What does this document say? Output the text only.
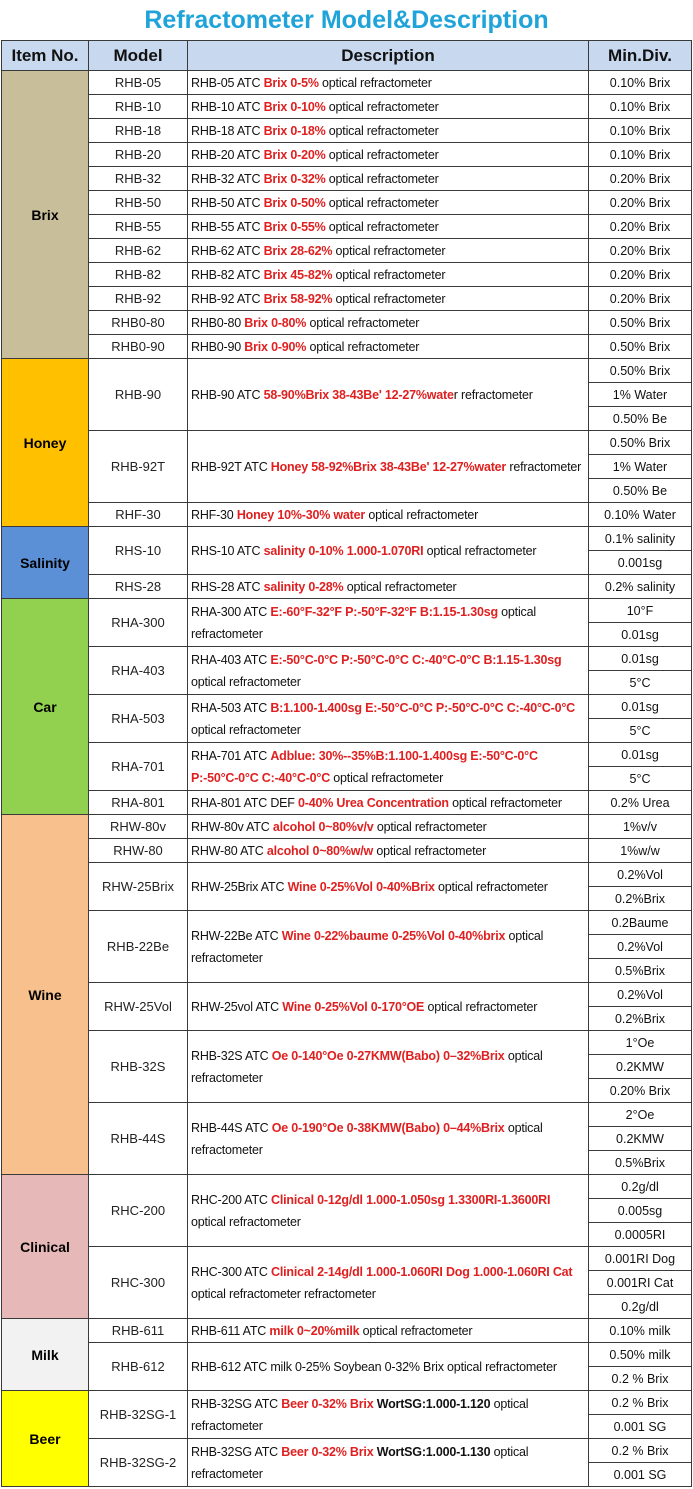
Refractometer Model&Description
Item No.	Model	Description	Min.Div.
Brix	RHB-05	RHB-05 ATC Brix 0-5% optical refractometer	0.10% Brix
	RHB-10	RHB-10 ATC Brix 0-10% optical refractometer	0.10% Brix
	RHB-18	RHB-18 ATC Brix 0-18% optical refractometer	0.10% Brix
	RHB-20	RHB-20 ATC Brix 0-20% optical refractometer	0.10% Brix
	RHB-32	RHB-32 ATC Brix 0-32% optical refractometer	0.20% Brix
	RHB-50	RHB-50 ATC Brix 0-50% optical refractometer	0.20% Brix
	RHB-55	RHB-55 ATC Brix 0-55% optical refractometer	0.20% Brix
	RHB-62	RHB-62 ATC Brix 28-62% optical refractometer	0.20% Brix
	RHB-82	RHB-82 ATC Brix 45-82% optical refractometer	0.20% Brix
	RHB-92	RHB-92 ATC Brix 58-92% optical refractometer	0.20% Brix
	RHB0-80	RHB0-80 Brix 0-80% optical refractometer	0.50% Brix
	RHB0-90	RHB0-90 Brix 0-90% optical refractometer	0.50% Brix
Honey	RHB-90	RHB-90 ATC 58-90%Brix 38-43Be' 12-27%water refractometer	0.50% Brix
			1% Water
			0.50% Be
	RHB-92T	RHB-92T ATC Honey 58-92%Brix 38-43Be' 12-27%water refractometer	0.50% Brix
			1% Water
			0.50% Be
	RHF-30	RHF-30 Honey 10%-30% water optical refractometer	0.10% Water
Salinity	RHS-10	RHS-10 ATC salinity 0-10% 1.000-1.070RI optical refractometer	0.1% salinity
			0.001sg
	RHS-28	RHS-28 ATC salinity 0-28% optical refractometer	0.2% salinity
Car	RHA-300	RHA-300 ATC E:-60°F-32°F P:-50°F-32°F B:1.15-1.30sg optical refractometer	10°F
			0.01sg
	RHA-403	RHA-403 ATC E:-50°C-0°C P:-50°C-0°C C:-40°C-0°C B:1.15-1.30sg optical refractometer	0.01sg
			5°C
	RHA-503	RHA-503 ATC B:1.100-1.400sg E:-50°C-0°C P:-50°C-0°C C:-40°C-0°C optical refractometer	0.01sg
			5°C
	RHA-701	RHA-701 ATC Adblue: 30%--35%B:1.100-1.400sg E:-50°C-0°C P:-50°C-0°C C:-40°C-0°C optical refractometer	0.01sg
			5°C
	RHA-801	RHA-801 ATC DEF 0-40% Urea Concentration optical refractometer	0.2% Urea
Wine	RHW-80v	RHW-80v ATC alcohol 0~80%v/v optical refractometer	1%v/v
	RHW-80	RHW-80 ATC alcohol 0~80%w/w optical refractometer	1%w/w
	RHW-25Brix	RHW-25Brix ATC Wine 0-25%Vol 0-40%Brix optical refractometer	0.2%Vol
			0.2%Brix
	RHB-22Be	RHW-22Be ATC Wine 0-22%baume 0-25%Vol 0-40%brix optical refractometer	0.2Baume
			0.2%Vol
			0.5%Brix
	RHW-25Vol	RHW-25vol ATC Wine 0-25%Vol 0-170°OE optical refractometer	0.2%Vol
			0.2%Brix
	RHB-32S	RHB-32S ATC Oe 0-140°Oe 0-27KMW(Babo) 0–32%Brix optical refractometer	1°Oe
			0.2KMW
			0.20% Brix
	RHB-44S	RHB-44S ATC Oe 0-190°Oe 0-38KMW(Babo) 0–44%Brix optical refractometer	2°Oe
			0.2KMW
			0.5%Brix
Clinical	RHC-200	RHC-200 ATC Clinical 0-12g/dl 1.000-1.050sg 1.3300RI-1.3600RI optical refractometer	0.2g/dl
			0.005sg
			0.0005RI
	RHC-300	RHC-300 ATC Clinical 2-14g/dl 1.000-1.060RI Dog 1.000-1.060RI Cat optical refractometer refractometer	0.001RI Dog
			0.001RI Cat
			0.2g/dl
Milk	RHB-611	RHB-611 ATC milk 0~20%milk optical refractometer	0.10% milk
	RHB-612	RHB-612 ATC milk 0-25% Soybean 0-32% Brix optical refractometer	0.50% milk
			0.2 % Brix
Beer	RHB-32SG-1	RHB-32SG ATC Beer 0-32% Brix WortSG:1.000-1.120 optical refractometer	0.2 % Brix
			0.001 SG
	RHB-32SG-2	RHB-32SG ATC Beer 0-32% Brix WortSG:1.000-1.130 optical refractometer	0.2 % Brix
			0.001 SG
